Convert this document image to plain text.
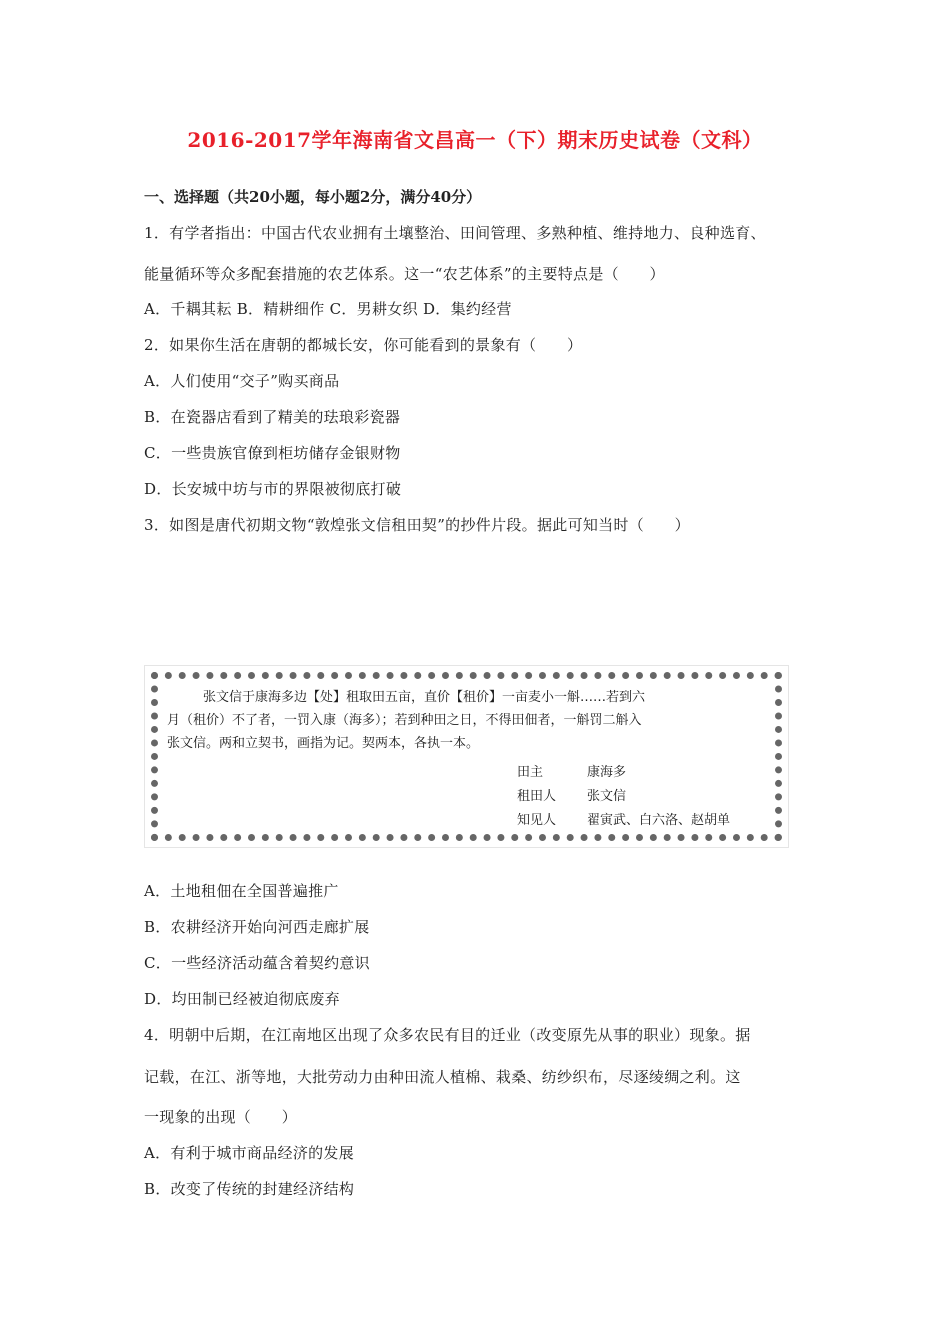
2016-2017学年海南省文昌高一（下）期末历史试卷（文科）
一、选择题（共20小题，每小题2分，满分40分）
1．有学者指出：中国古代农业拥有土壤整治、田间管理、多熟种植、维持地力、良种选育、
能量循环等众多配套措施的农艺体系。这一“农艺体系”的主要特点是（　　）
A．千耦其耘 B．精耕细作 C．男耕女织 D．集约经营
2．如果你生活在唐朝的都城长安，你可能看到的景象有（　　）
A．人们使用“交子”购买商品
B．在瓷器店看到了精美的珐琅彩瓷器
C．一些贵族官僚到柜坊储存金银财物
D．长安城中坊与市的界限被彻底打破
3．如图是唐代初期文物“敦煌张文信租田契”的抄件片段。据此可知当时（　　）
张文信于康海多边【处】租取田五亩，直价【租价】一亩麦小一斛……若到六
月（租价）不了者，一罚入康（海多）；若到种田之日，不得田佃者，一斛罚二斛入
张文信。两和立契书，画指为记。契两本，各执一本。
田主	康海多
租田人 张文信
知见人 翟寅武、白六洛、赵胡单
A．土地租佃在全国普遍推广
B．农耕经济开始向河西走廊扩展
C．一些经济活动蕴含着契约意识
D．均田制已经被迫彻底废弃
4．明朝中后期，在江南地区出现了众多农民有目的迁业（改变原先从事的职业）现象。据
记载，在江、浙等地，大批劳动力由种田流人植棉、栽桑、纺纱织布，尽逐绫绸之利。这
一现象的出现（　　）
A．有利于城市商品经济的发展
B．改变了传统的封建经济结构
